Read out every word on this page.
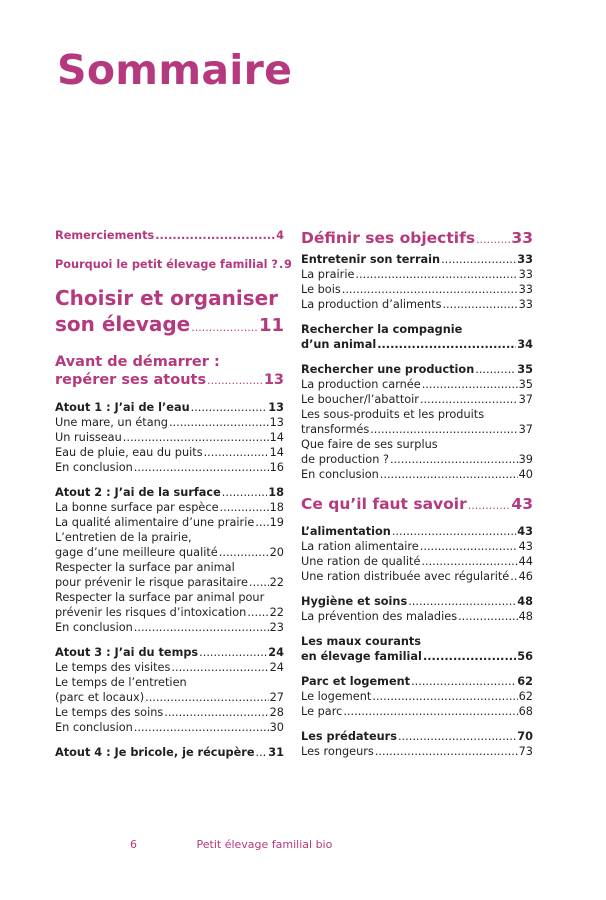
Sommaire
Remerciements .....	4
Pourquoi le petit élevage familial ? ..... 9
Choisir et organiser
son élevage .....	11
Avant de démarrer :
repérer ses atouts .....	13
Atout 1 : J’ai de l’eau .....	13
Une mare, un étang .....	13
Un ruisseau .....	14
Eau de pluie, eau du puits .....	14
En conclusion .....	16
Atout 2 : J’ai de la surface .....	18
La bonne surface par espèce .....	18
La qualité alimentaire d’une prairie ..... 19
L’entretien de la prairie,
gage d’une meilleure qualité .....	20
Respecter la surface par animal
pour prévenir le risque parasitaire ..... 22
Respecter la surface par animal pour
prévenir les risques d’intoxication ..... 22
En conclusion .....	23
Atout 3 : J’ai du temps .....	24
Le temps des visites .....	24
Le temps de l’entretien
(parc et locaux) .....	27
Le temps des soins .....	28
En conclusion .....	30
Atout 4 : Je bricole, je récupère ..... 31
Définir ses objectifs ..... 33
Entretenir son terrain .....	33
La prairie .....	33
Le bois .....	33
La production d’aliments .....	33
Rechercher la compagnie
d’un animal .....	34
Rechercher une production .....	35
La production carnée .....	35
Le boucher/l’abattoir .....	37
Les sous-produits et les produits
transformés .....	37
Que faire de ses surplus
de production ? .....	39
En conclusion .....	40
Ce qu’il faut savoir .....	43
L’alimentation .....	43
La ration alimentaire .....	43
Une ration de qualité .....	44
Une ration distribuée avec régularité ..... 46
Hygiène et soins .....	48
La prévention des maladies .....	48
Les maux courants
en élevage familial .....	56
Parc et logement .....	62
Le logement .....	62
Le parc .....	68
Les prédateurs .....	70
Les rongeurs .....	73
6	Petit élevage familial bio
